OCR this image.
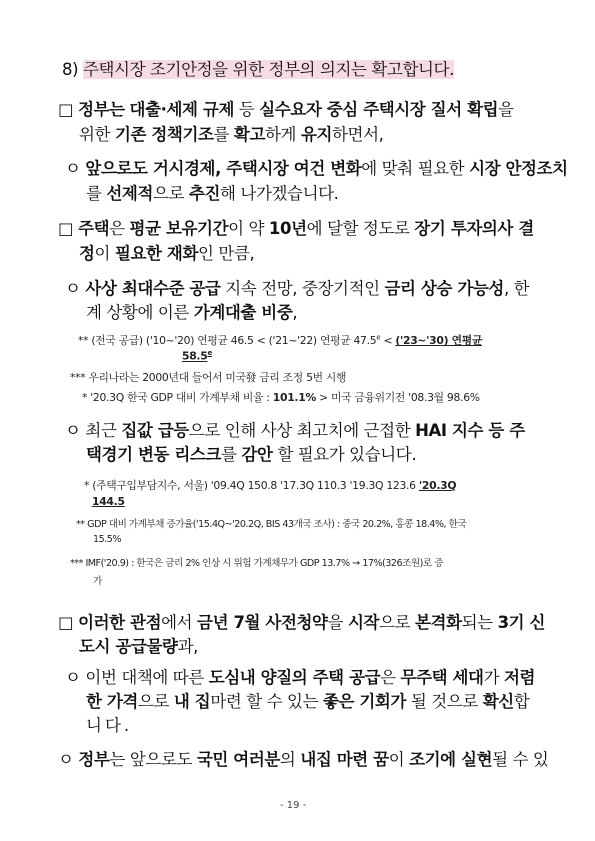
8) 주택시장 조기안정을 위한 정부의 의지는 확고합니다.

□ 정부는 대출·세제 규제 등 실수요자 중심 주택시장 질서 확립을

위한 기존 정책기조를 확고하게 유지하면서,

ㅇ 앞으로도 거시경제, 주택시장 여건 변화에 맞춰 필요한 시장 안정조치

를 선제적으로 추진해 나가겠습니다.

□ 주택은 평균 보유기간이 약 10년에 달할 정도로 장기 투자의사 결

정이 필요한 재화인 만큼,

ㅇ 사상 최대수준 공급 지속 전망, 중장기적인 금리 상승 가능성, 한

계 상황에 이른 가계대출 비중,

** (전국 공급) ('10~'20) 연평균 46.5 < ('21~'22) 연평균 47.5$^e$ < ('23~'30) 연평균

58.5e

*** 우리나라는 2000년대 들어서 미국發 금리 조정 5번 시행

* '20.3Q 한국 GDP 대비 가계부채 비율 : 101.1% > 미국 금융위기전 '08.3월 98.6%

ㅇ 최근 집값 급등으로 인해 사상 최고치에 근접한 HAI 지수 등 주

택경기 변동 리스크를 감안 할 필요가 있습니다.

* (주택구입부담지수, 서울) '09.4Q 150.8 '17.3Q 110.3 '19.3Q 123.6 '20.3Q

144.5

** GDP 대비 가계부채 증가율('15.4Q~'20.2Q, BIS 43개국 조사) : 중국 20.2%, 홍콩 18.4%, 한국

15.5%

*** IMF('20.9) : 한국은 금리 2% 인상 시 위험 가계채무가 GDP 13.7% → 17%(326조원)로 증

가

□ 이러한 관점에서 금년 7월 사전청약을 시작으로 본격화되는 3기 신

도시 공급물량과,

ㅇ 이번 대책에 따른 도심내 양질의 주택 공급은 무주택 세대가 저렴

한 가격으로 내 집마련 할 수 있는 좋은 기회가 될 것으로 확신합

니다.

ㅇ 정부는 앞으로도 국민 여러분의 내집 마련 꿈이 조기에 실현될 수 있

- 19 -
